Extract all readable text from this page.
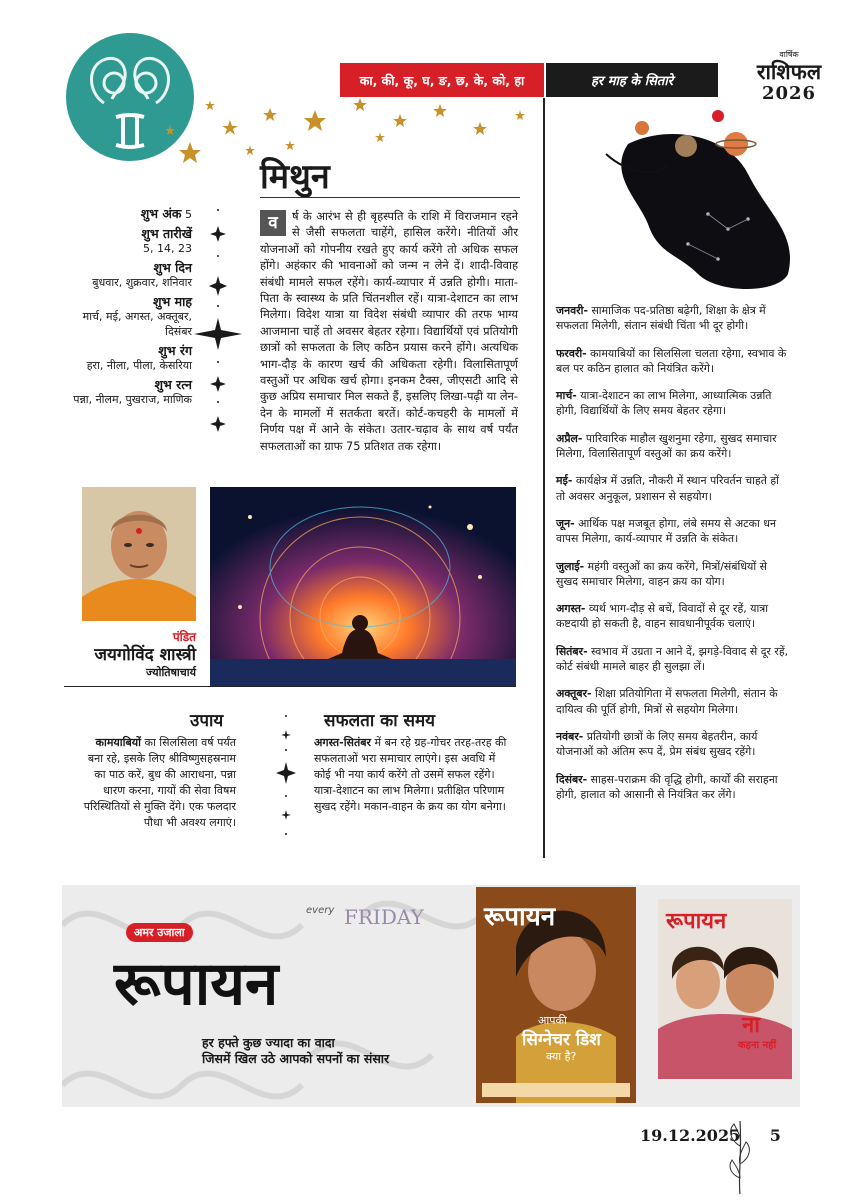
का, की, कू, घ, ङ, छ, के, को, हा	हर माह के सितारे
वार्षिक
राशिफल
2026
मिथुन
शुभ अंक 5
शुभ तारीखें
5, 14, 23
शुभ दिन
बुधवार, शुक्रवार, शनिवार
शुभ माह
मार्च, मई, अगस्त, अक्तूबर, दिसंबर
शुभ रंग
हरा, नीला, पीला, केसरिया
शुभ रत्न
पन्ना, नीलम, पुखराज, माणिक
व	र्ष के आरंभ से ही बृहस्पति के राशि में विराजमान रहने से जैसी सफलता चाहेंगे, हासिल करेंगे। नीतियों और योजनाओं को गोपनीय रखते हुए कार्य करेंगे तो अधिक सफल होंगे। अहंकार की भावनाओं को जन्म न लेने दें। शादी-विवाह संबंधी मामले सफल रहेंगे। कार्य-व्यापार में उन्नति होगी। माता-पिता के स्वास्थ्य के प्रति चिंतनशील रहें। यात्रा-देशाटन का लाभ मिलेगा। विदेश यात्रा या विदेश संबंधी व्यापार की तरफ भाग्य आजमाना चाहें तो अवसर बेहतर रहेगा। विद्यार्थियों एवं प्रतियोगी छात्रों को सफलता के लिए कठिन प्रयास करने होंगे। अत्यधिक भाग-दौड़ के कारण खर्च की अधिकता रहेगी। विलासितापूर्ण वस्तुओं पर अधिक खर्च होगा। इनकम टैक्स, जीएसटी आदि से कुछ अप्रिय समाचार मिल सकते हैं, इसलिए लिखा-पढ़ी या लेन-देन के मामलों में सतर्कता बरतें। कोर्ट-कचहरी के मामलों में निर्णय पक्ष में आने के संकेत। उतार-चढ़ाव के साथ वर्ष पर्यंत सफलताओं का ग्राफ 75 प्रतिशत तक रहेगा।
पंडित
जयगोविंद शास्त्री
ज्योतिषाचार्य
उपाय
कामयाबियों का सिलसिला वर्ष पर्यंत बना रहे, इसके लिए श्रीविष्णुसहस्रनाम का पाठ करें, बुध की आराधना, पन्ना धारण करना, गायों की सेवा विषम परिस्थितियों से मुक्ति देंगे। एक फलदार पौधा भी अवश्य लगाएं।
सफलता का समय
अगस्त-सितंबर में बन रहे ग्रह-गोचर तरह-तरह की सफलताओं भरा समाचार लाएंगे। इस अवधि में कोई भी नया कार्य करेंगे तो उसमें सफल रहेंगे। यात्रा-देशाटन का लाभ मिलेगा। प्रतीक्षित परिणाम सुखद रहेंगे। मकान-वाहन के क्रय का योग बनेगा।
जनवरी- सामाजिक पद-प्रतिष्ठा बढ़ेगी, शिक्षा के क्षेत्र में सफलता मिलेगी, संतान संबंधी चिंता भी दूर होगी।
फरवरी- कामयाबियों का सिलसिला चलता रहेगा, स्वभाव के बल पर कठिन हालात को नियंत्रित करेंगे।
मार्च- यात्रा-देशाटन का लाभ मिलेगा, आध्यात्मिक उन्नति होगी, विद्यार्थियों के लिए समय बेहतर रहेगा।
अप्रैल- पारिवारिक माहौल खुशनुमा रहेगा, सुखद समाचार मिलेगा, विलासितापूर्ण वस्तुओं का क्रय करेंगे।
मई- कार्यक्षेत्र में उन्नति, नौकरी में स्थान परिवर्तन चाहते हों तो अवसर अनुकूल, प्रशासन से सहयोग।
जून- आर्थिक पक्ष मजबूत होगा, लंबे समय से अटका धन वापस मिलेगा, कार्य-व्यापार में उन्नति के संकेत।
जुलाई- महंगी वस्तुओं का क्रय करेंगे, मित्रों/संबंधियों से सुखद समाचार मिलेगा, वाहन क्रय का योग।
अगस्त- व्यर्थ भाग-दौड़ से बचें, विवादों से दूर रहें, यात्रा कष्टदायी हो सकती है, वाहन सावधानीपूर्वक चलाएं।
सितंबर- स्वभाव में उग्रता न आने दें, झगड़े-विवाद से दूर रहें, कोर्ट संबंधी मामले बाहर ही सुलझा लें।
अक्तूबर- शिक्षा प्रतियोगिता में सफलता मिलेगी, संतान के दायित्व की पूर्ति होगी, मित्रों से सहयोग मिलेगा।
नवंबर- प्रतियोगी छात्रों के लिए समय बेहतरीन, कार्य योजनाओं को अंतिम रूप दें, प्रेम संबंध सुखद रहेंगे।
दिसंबर- साहस-पराक्रम की वृद्धि होगी, कार्यों की सराहना होगी, हालात को आसानी से नियंत्रित कर लेंगे।
अमर उजाला
every FRIDAY
रूपायन
हर हफ्ते कुछ ज्यादा का वादा
जिसमें खिल उठे आपको सपनों का संसार
रूपायन
आपकी
सिग्नेचर डिश
क्या है?
रूपायन
ना
कहना नहीं
19.12.2025 5
